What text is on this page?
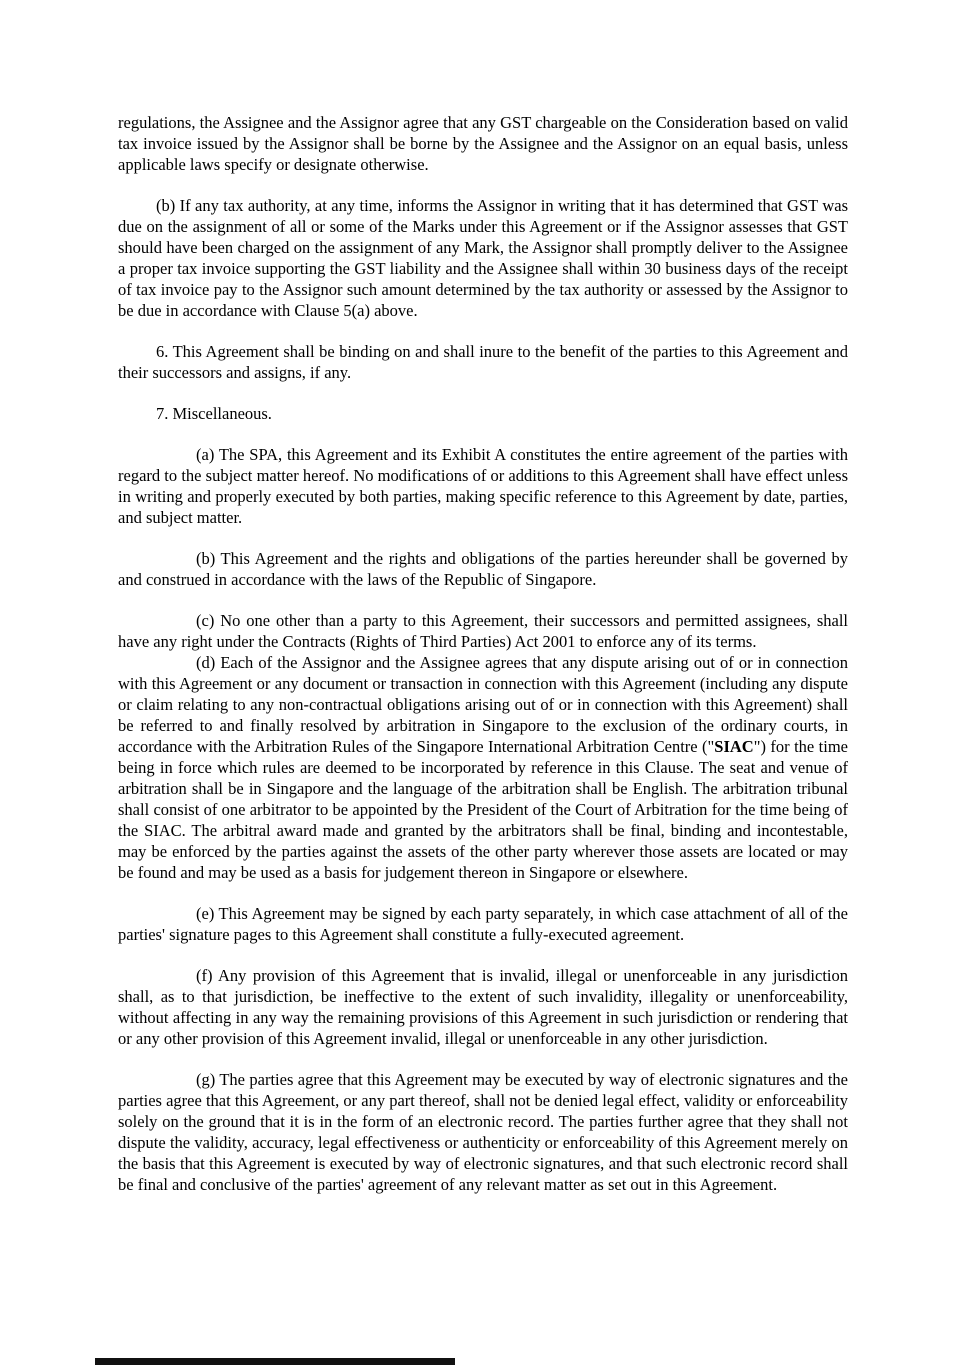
regulations, the Assignee and the Assignor agree that any GST chargeable on the Consideration based on valid tax invoice issued by the Assignor shall be borne by the Assignee and the Assignor on an equal basis, unless applicable laws specify or designate otherwise.

(b) If any tax authority, at any time, informs the Assignor in writing that it has determined that GST was due on the assignment of all or some of the Marks under this Agreement or if the Assignor assesses that GST should have been charged on the assignment of any Mark, the Assignor shall promptly deliver to the Assignee a proper tax invoice supporting the GST liability and the Assignee shall within 30 business days of the receipt of tax invoice pay to the Assignor such amount determined by the tax authority or assessed by the Assignor to be due in accordance with Clause 5(a) above.

6. This Agreement shall be binding on and shall inure to the benefit of the parties to this Agreement and their successors and assigns, if any.

7. Miscellaneous.

(a) The SPA, this Agreement and its Exhibit A constitutes the entire agreement of the parties with regard to the subject matter hereof. No modifications of or additions to this Agreement shall have effect unless in writing and properly executed by both parties, making specific reference to this Agreement by date, parties, and subject matter.

(b) This Agreement and the rights and obligations of the parties hereunder shall be governed by and construed in accordance with the laws of the Republic of Singapore.

(c) No one other than a party to this Agreement, their successors and permitted assignees, shall have any right under the Contracts (Rights of Third Parties) Act 2001 to enforce any of its terms.

(d) Each of the Assignor and the Assignee agrees that any dispute arising out of or in connection with this Agreement or any document or transaction in connection with this Agreement (including any dispute or claim relating to any non-contractual obligations arising out of or in connection with this Agreement) shall be referred to and finally resolved by arbitration in Singapore to the exclusion of the ordinary courts, in accordance with the Arbitration Rules of the Singapore International Arbitration Centre ("SIAC") for the time being in force which rules are deemed to be incorporated by reference in this Clause. The seat and venue of arbitration shall be in Singapore and the language of the arbitration shall be English. The arbitration tribunal shall consist of one arbitrator to be appointed by the President of the Court of Arbitration for the time being of the SIAC. The arbitral award made and granted by the arbitrators shall be final, binding and incontestable, may be enforced by the parties against the assets of the other party wherever those assets are located or may be found and may be used as a basis for judgement thereon in Singapore or elsewhere.

(e) This Agreement may be signed by each party separately, in which case attachment of all of the parties' signature pages to this Agreement shall constitute a fully-executed agreement.

(f) Any provision of this Agreement that is invalid, illegal or unenforceable in any jurisdiction shall, as to that jurisdiction, be ineffective to the extent of such invalidity, illegality or unenforceability, without affecting in any way the remaining provisions of this Agreement in such jurisdiction or rendering that or any other provision of this Agreement invalid, illegal or unenforceable in any other jurisdiction.

(g) The parties agree that this Agreement may be executed by way of electronic signatures and the parties agree that this Agreement, or any part thereof, shall not be denied legal effect, validity or enforceability solely on the ground that it is in the form of an electronic record. The parties further agree that they shall not dispute the validity, accuracy, legal effectiveness or authenticity or enforceability of this Agreement merely on the basis that this Agreement is executed by way of electronic signatures, and that such electronic record shall be final and conclusive of the parties' agreement of any relevant matter as set out in this Agreement.
